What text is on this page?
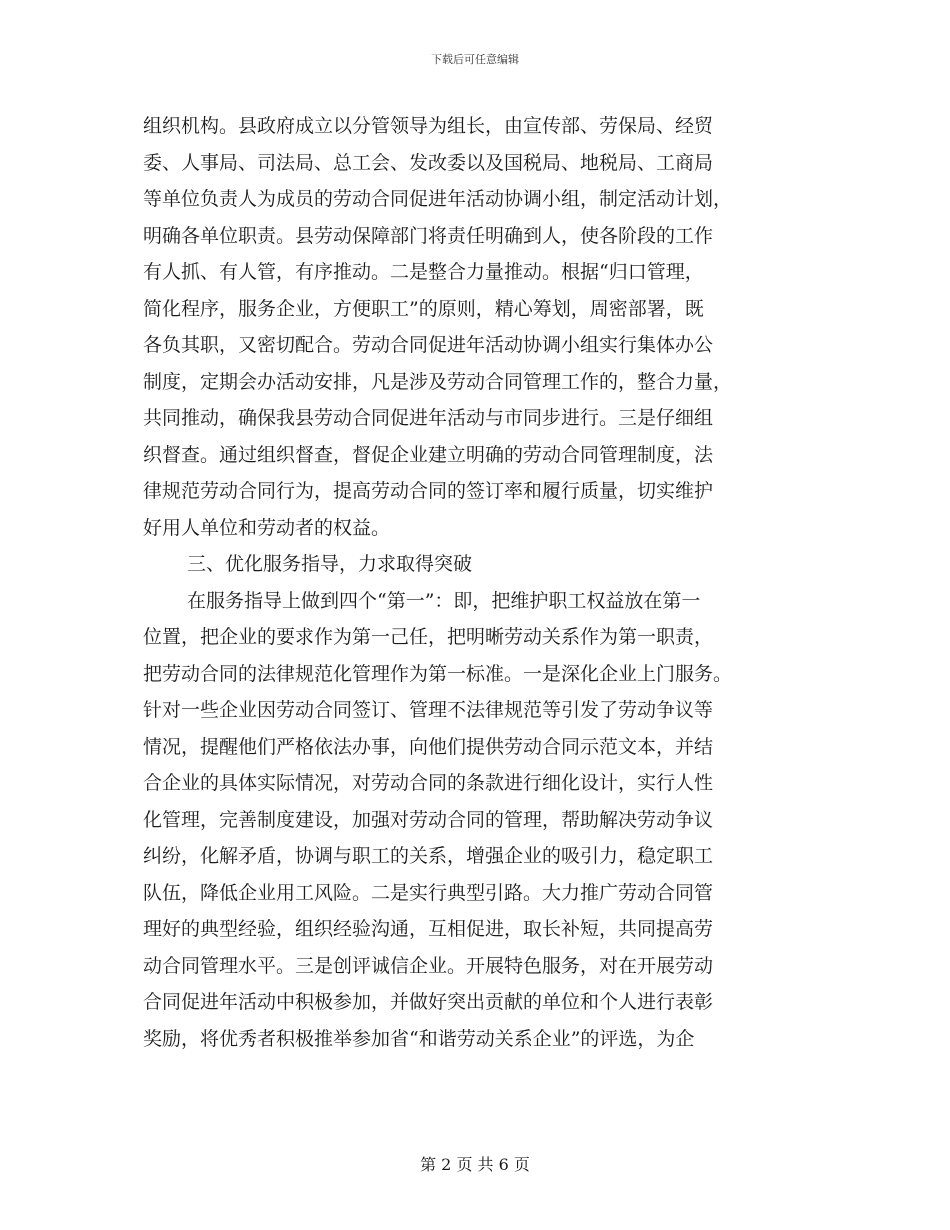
下载后可任意编辑
组织机构。县政府成立以分管领导为组长，由宣传部、劳保局、经贸
委、人事局、司法局、总工会、发改委以及国税局、地税局、工商局
等单位负责人为成员的劳动合同促进年活动协调小组，制定活动计划，
明确各单位职责。县劳动保障部门将责任明确到人，使各阶段的工作
有人抓、有人管，有序推动。二是整合力量推动。根据“归口管理，
简化程序，服务企业，方便职工”的原则，精心筹划，周密部署，既
各负其职，又密切配合。劳动合同促进年活动协调小组实行集体办公
制度，定期会办活动安排，凡是涉及劳动合同管理工作的，整合力量，
共同推动，确保我县劳动合同促进年活动与市同步进行。三是仔细组
织督查。通过组织督查，督促企业建立明确的劳动合同管理制度，法
律规范劳动合同行为，提高劳动合同的签订率和履行质量，切实维护
好用人单位和劳动者的权益。
三、优化服务指导，力求取得突破
在服务指导上做到四个“第一”：即，把维护职工权益放在第一
位置，把企业的要求作为第一己任，把明晰劳动关系作为第一职责，
把劳动合同的法律规范化管理作为第一标准。一是深化企业上门服务。
针对一些企业因劳动合同签订、管理不法律规范等引发了劳动争议等
情况，提醒他们严格依法办事，向他们提供劳动合同示范文本，并结
合企业的具体实际情况，对劳动合同的条款进行细化设计，实行人性
化管理，完善制度建设，加强对劳动合同的管理，帮助解决劳动争议
纠纷，化解矛盾，协调与职工的关系，增强企业的吸引力，稳定职工
队伍，降低企业用工风险。二是实行典型引路。大力推广劳动合同管
理好的典型经验，组织经验沟通，互相促进，取长补短，共同提高劳
动合同管理水平。三是创评诚信企业。开展特色服务，对在开展劳动
合同促进年活动中积极参加，并做好突出贡献的单位和个人进行表彰
奖励，将优秀者积极推举参加省“和谐劳动关系企业”的评选，为企
第 2 页 共 6 页
